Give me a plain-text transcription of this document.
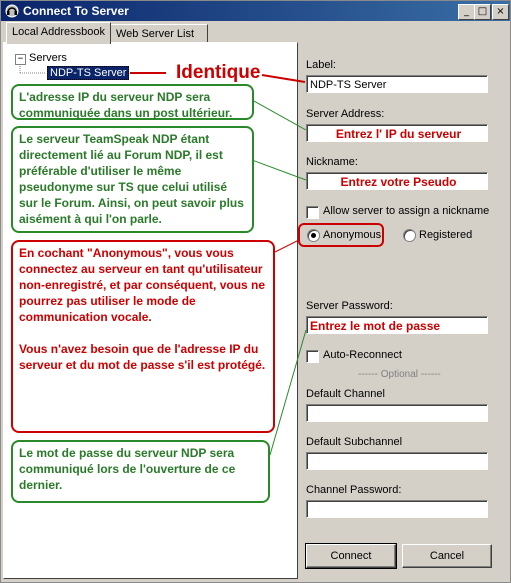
Connect To Server	_ □ ×
Local Addressbook	Web Server List
− Servers
NDP-TS Server
Label:
NDP-TS Server
Server Address:
Entrez l' IP du serveur
Nickname:
Entrez votre Pseudo
Allow server to assign a nickname
Anonymous	Registered
Server Password:
Entrez le mot de passe
Auto-Reconnect
------ Optional ------
Default Channel
Default Subchannel
Channel Password:
Connect	Cancel
Identique
L'adresse IP du serveur NDP sera communiquée dans un post ultérieur.
Le serveur TeamSpeak NDP étant directement lié au Forum NDP, il est préférable d'utiliser le même pseudonyme sur TS que celui utilisé sur le Forum. Ainsi, on peut savoir plus aisément à qui l'on parle.
En cochant "Anonymous", vous vous connectez au serveur en tant qu'utilisateur non-enregistré, et par conséquent, vous ne pourrez pas utiliser le mode de communication vocale.
Vous n'avez besoin que de l'adresse IP du serveur et du mot de passe s'il est protégé.
Le mot de passe du serveur NDP sera communiqué lors de l'ouverture de ce dernier.
